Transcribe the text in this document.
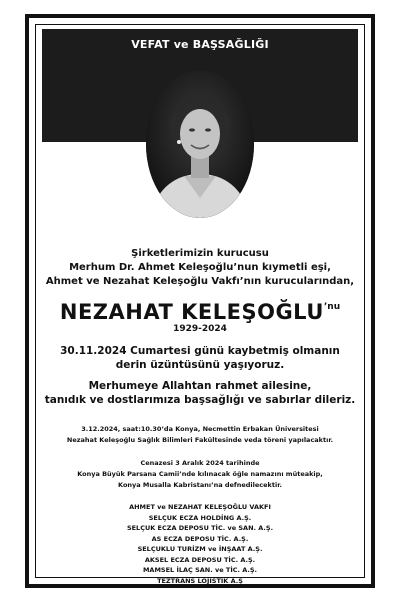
VEFAT ve BAŞSAĞLIĞI
Şirketlerimizin kurucusu
Merhum Dr. Ahmet Keleşoğlu’nun kıymetli eşi,
Ahmet ve Nezahat Keleşoğlu Vakfı’nın kurucularından,
NEZAHAT $KELEŞOĞLU^{’nu}$
1929-2024
30.11.2024 Cumartesi günü kaybetmiş olmanın
derin üzüntüsünü yaşıyoruz.
Merhumeye Allahtan rahmet ailesine,
tanıdık ve dostlarımıza başsağlığı ve sabırlar dileriz.
3.12.2024, saat:10.30’da Konya, Necmettin Erbakan Üniversitesi
Nezahat Keleşoğlu Sağlık Bilimleri Fakültesinde veda töreni yapılacaktır.
Cenazesi 3 Aralık 2024 tarihinde
Konya Büyük Parsana Camii’nde kılınacak öğle namazını müteakip,
Konya Musalla Kabristanı’na defnedilecektir.
AHMET ve NEZAHAT KELEŞOĞLU VAKFI
SELÇUK ECZA HOLDİNG A.Ş.
SELÇUK ECZA DEPOSU TİC. ve SAN. A.Ş.
AS ECZA DEPOSU TİC. A.Ş.
SELÇUKLU TURİZM ve İNŞAAT A.Ş.
AKSEL ECZA DEPOSU TİC. A.Ş.
MAMSEL İLAÇ SAN. ve TİC. A.Ş.
TEZTRANS LOJİSTİK A.Ş
